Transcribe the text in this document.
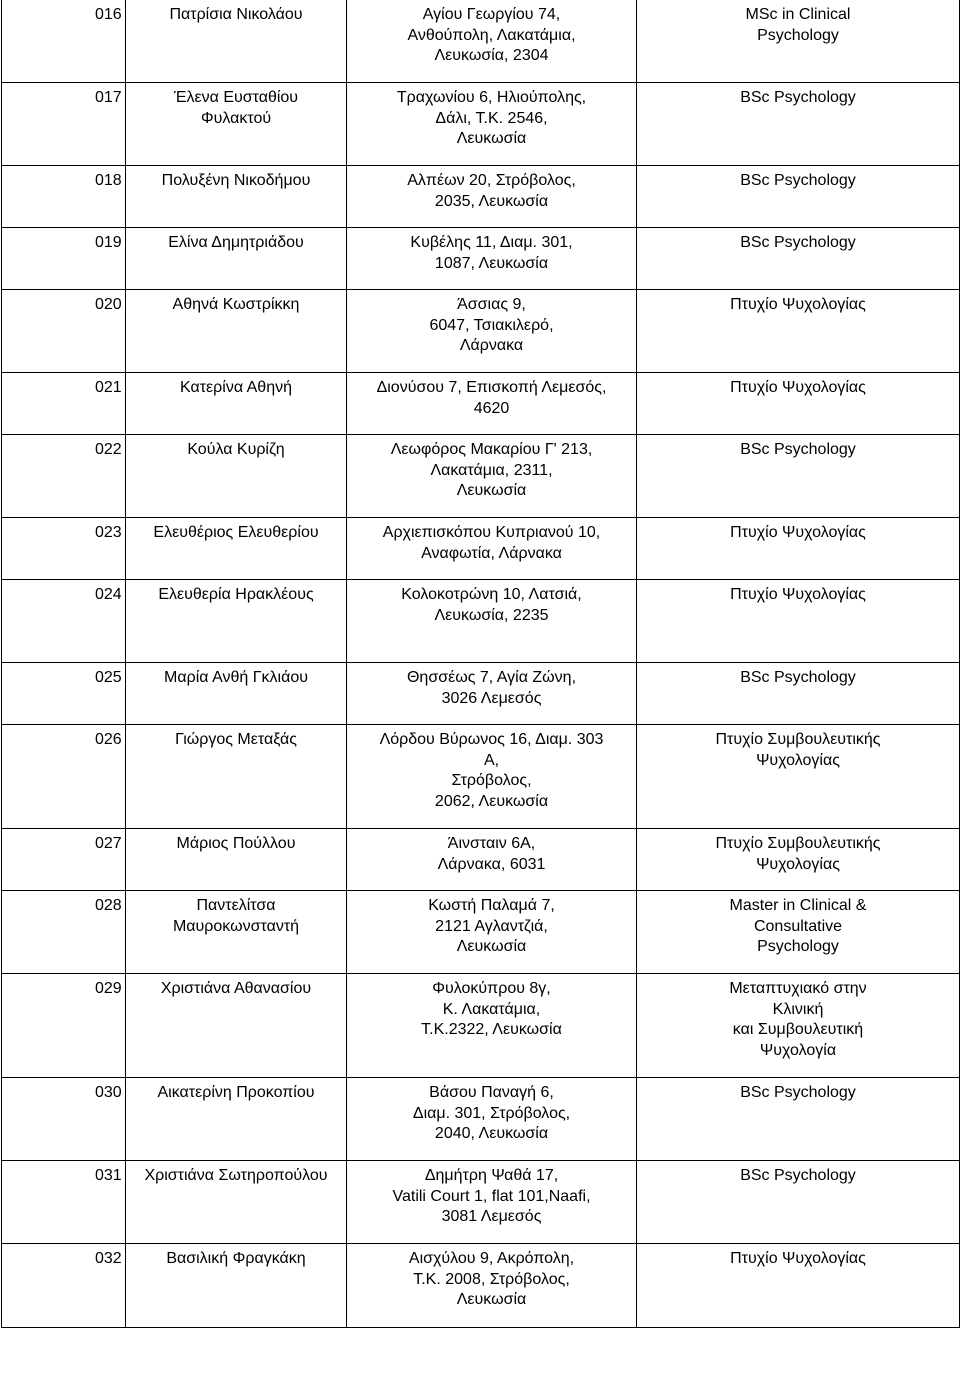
016	Πατρίσια Νικολάου	Αγίου Γεωργίου 74,
Ανθούπολη, Λακατάμια,
Λευκωσία, 2304	MSc in Clinical
Psychology

017	Έλενα Ευσταθίου
Φυλακτού	Τραχωνίου 6, Ηλιούπολης,
Δάλι, Τ.Κ. 2546,
Λευκωσία	BSc Psychology

018	Πολυξένη Νικοδήμου	Αλπέων 20, Στρόβολος,
2035, Λευκωσία	BSc Psychology

019	Ελίνα Δημητριάδου	Κυβέλης 11, Διαμ. 301,
1087, Λευκωσία	BSc Psychology

020	Αθηνά Κωστρίκκη	Άσσιας 9,
6047, Τσιακιλερό,
Λάρνακα	Πτυχίο Ψυχολογίας

021	Κατερίνα Αθηνή	Διονύσου 7, Επισκοπή Λεμεσός,
4620	Πτυχίο Ψυχολογίας

022	Κούλα Κυρίζη	Λεωφόρος Μακαρίου Γ' 213,
Λακατάμια, 2311,
Λευκωσία	BSc Psychology

023	Ελευθέριος Ελευθερίου	Αρχιεπισκόπου Κυπριανού 10,
Αναφωτία, Λάρνακα	Πτυχίο Ψυχολογίας

024	Ελευθερία Ηρακλέους	Κολοκοτρώνη 10, Λατσιά,
Λευκωσία, 2235	Πτυχίο Ψυχολογίας

025	Μαρία Ανθή Γκλιάου	Θησσέως 7, Αγία Ζώνη,
3026 Λεμεσός	BSc Psychology

026	Γιώργος Μεταξάς	Λόρδου Βύρωνος 16, Διαμ. 303
Α,
Στρόβολος,
2062, Λευκωσία	Πτυχίο Συμβουλευτικής
Ψυχολογίας

027	Μάριος Πούλλου	Άινσταιν 6Α,
Λάρνακα, 6031	Πτυχίο Συμβουλευτικής
Ψυχολογίας

028	Παντελίτσα
Μαυροκωνσταντή	Κωστή Παλαμά 7,
2121 Αγλαντζιά,
Λευκωσία	Master in Clinical &
Consultative
Psychology

029	Χριστιάνα Αθανασίου	Φυλοκύπρου 8γ,
Κ. Λακατάμια,
Τ.Κ.2322, Λευκωσία	Μεταπτυχιακό στην
Κλινική
και Συμβουλευτική
Ψυχολογία

030	Αικατερίνη Προκοπίου	Βάσου Παναγή 6,
Διαμ. 301, Στρόβολος,
2040, Λευκωσία	BSc Psychology

031	Χριστιάνα Σωτηροπούλου	Δημήτρη Ψαθά 17,
Vatili Court 1, flat 101,Naafi,
3081 Λεμεσός	BSc Psychology

032	Βασιλική Φραγκάκη	Αισχύλου 9, Ακρόπολη,
Τ.Κ. 2008, Στρόβολος,
Λευκωσία	Πτυχίο Ψυχολογίας
